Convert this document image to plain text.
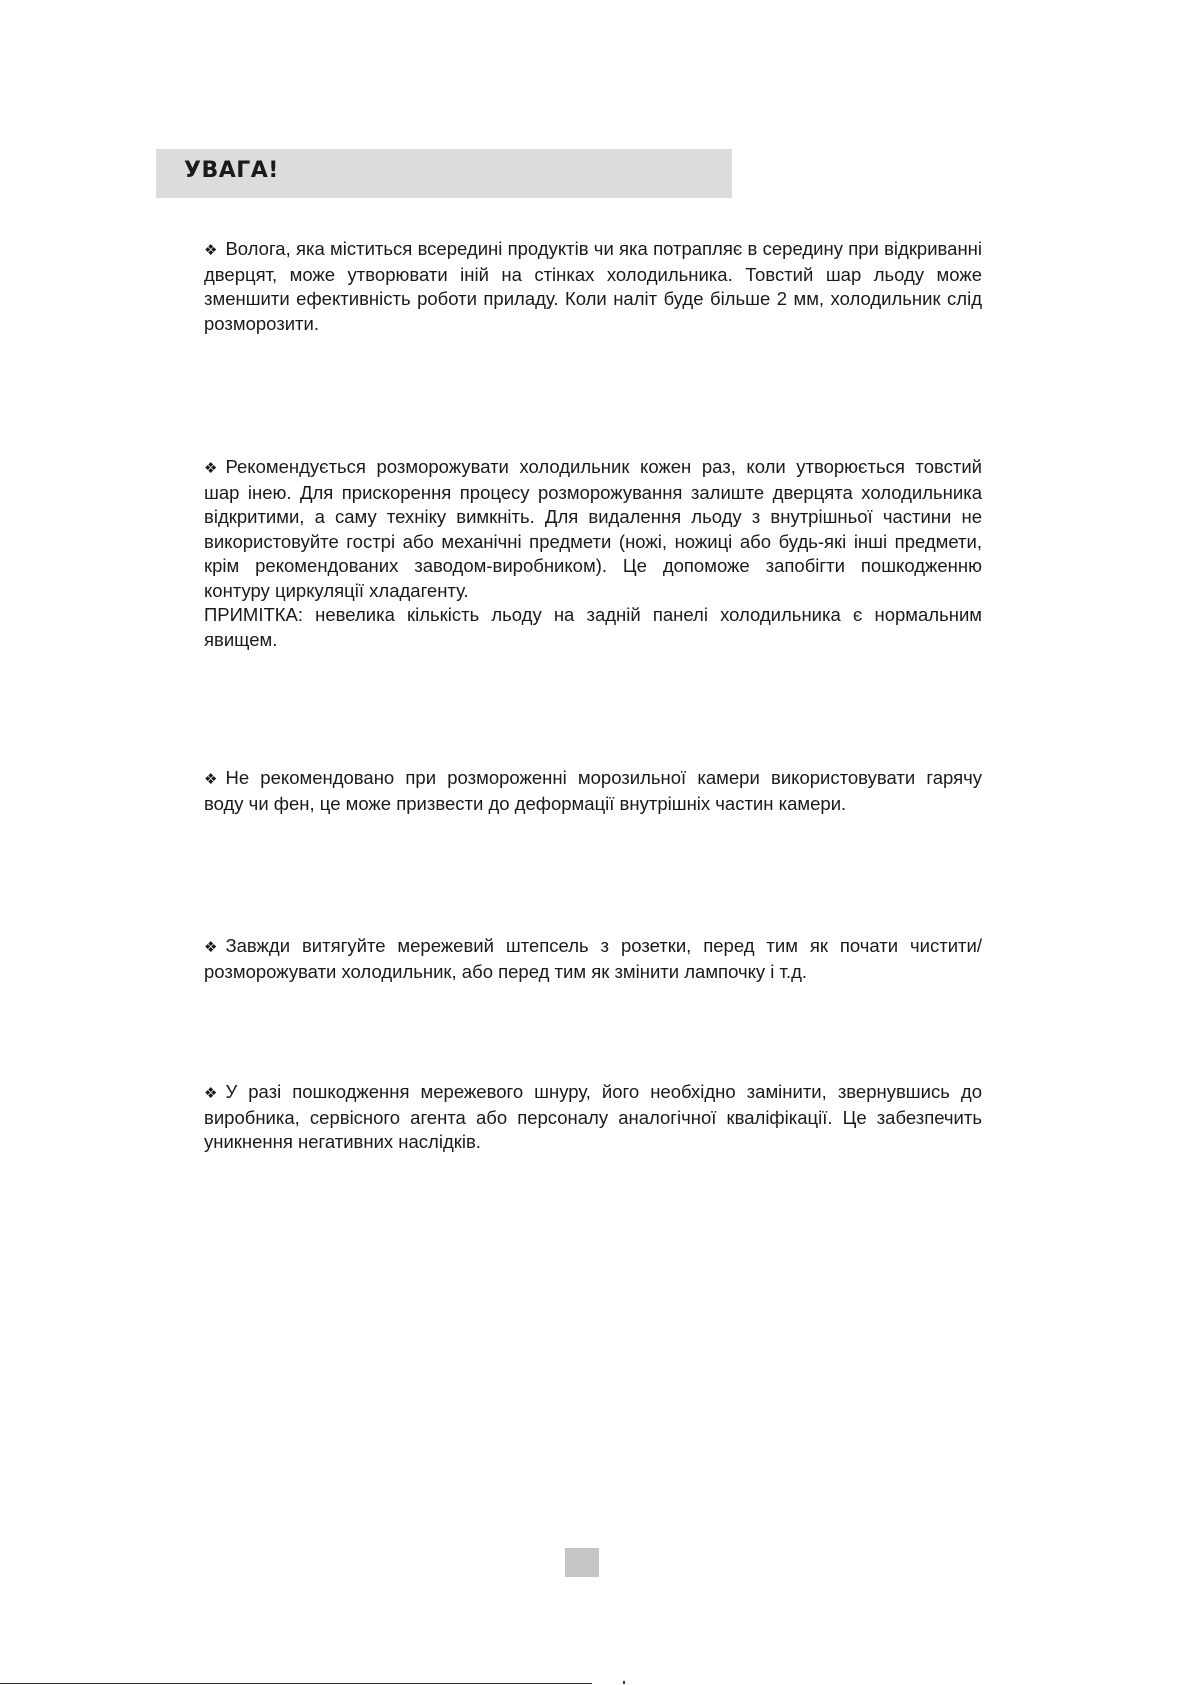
УВАГА!

❖ Волога, яка міститься всередині продуктів чи яка потрапляє в середину при відкриванні дверцят, може утворювати іній на стінках холодильника. Товстий шар льоду може зменшити ефективність роботи приладу. Коли наліт буде більше 2 мм, холодильник слід розморозити.

❖ Рекомендується розморожувати холодильник кожен раз, коли утворюється товстий шар інею. Для прискорення процесу розморожування залиште дверцята холодильника відкритими, а саму техніку вимкніть. Для видалення льоду з внутрішньої частини не використовуйте гострі або механічні предмети (ножі, ножиці або будь-які інші предмети, крім рекомендованих заводом-виробником). Це допоможе запобігти пошкодженню контуру циркуляції хладагенту.
ПРИМІТКА: невелика кількість льоду на задній панелі холодильника є нормальним явищем.

❖ Не рекомендовано при розмороженні морозильної камери використовувати гарячу воду чи фен, це може призвести до деформації внутрішніх частин камери.

❖ Завжди витягуйте мережевий штепсель з розетки, перед тим як почати чистити/розморожувати холодильник, або перед тим як змінити лампочку і т.д.

❖ У разі пошкодження мережевого шнуру, його необхідно замінити, звернувшись до виробника, сервісного агента або персоналу аналогічної кваліфікації. Це забезпечить уникнення негативних наслідків.
